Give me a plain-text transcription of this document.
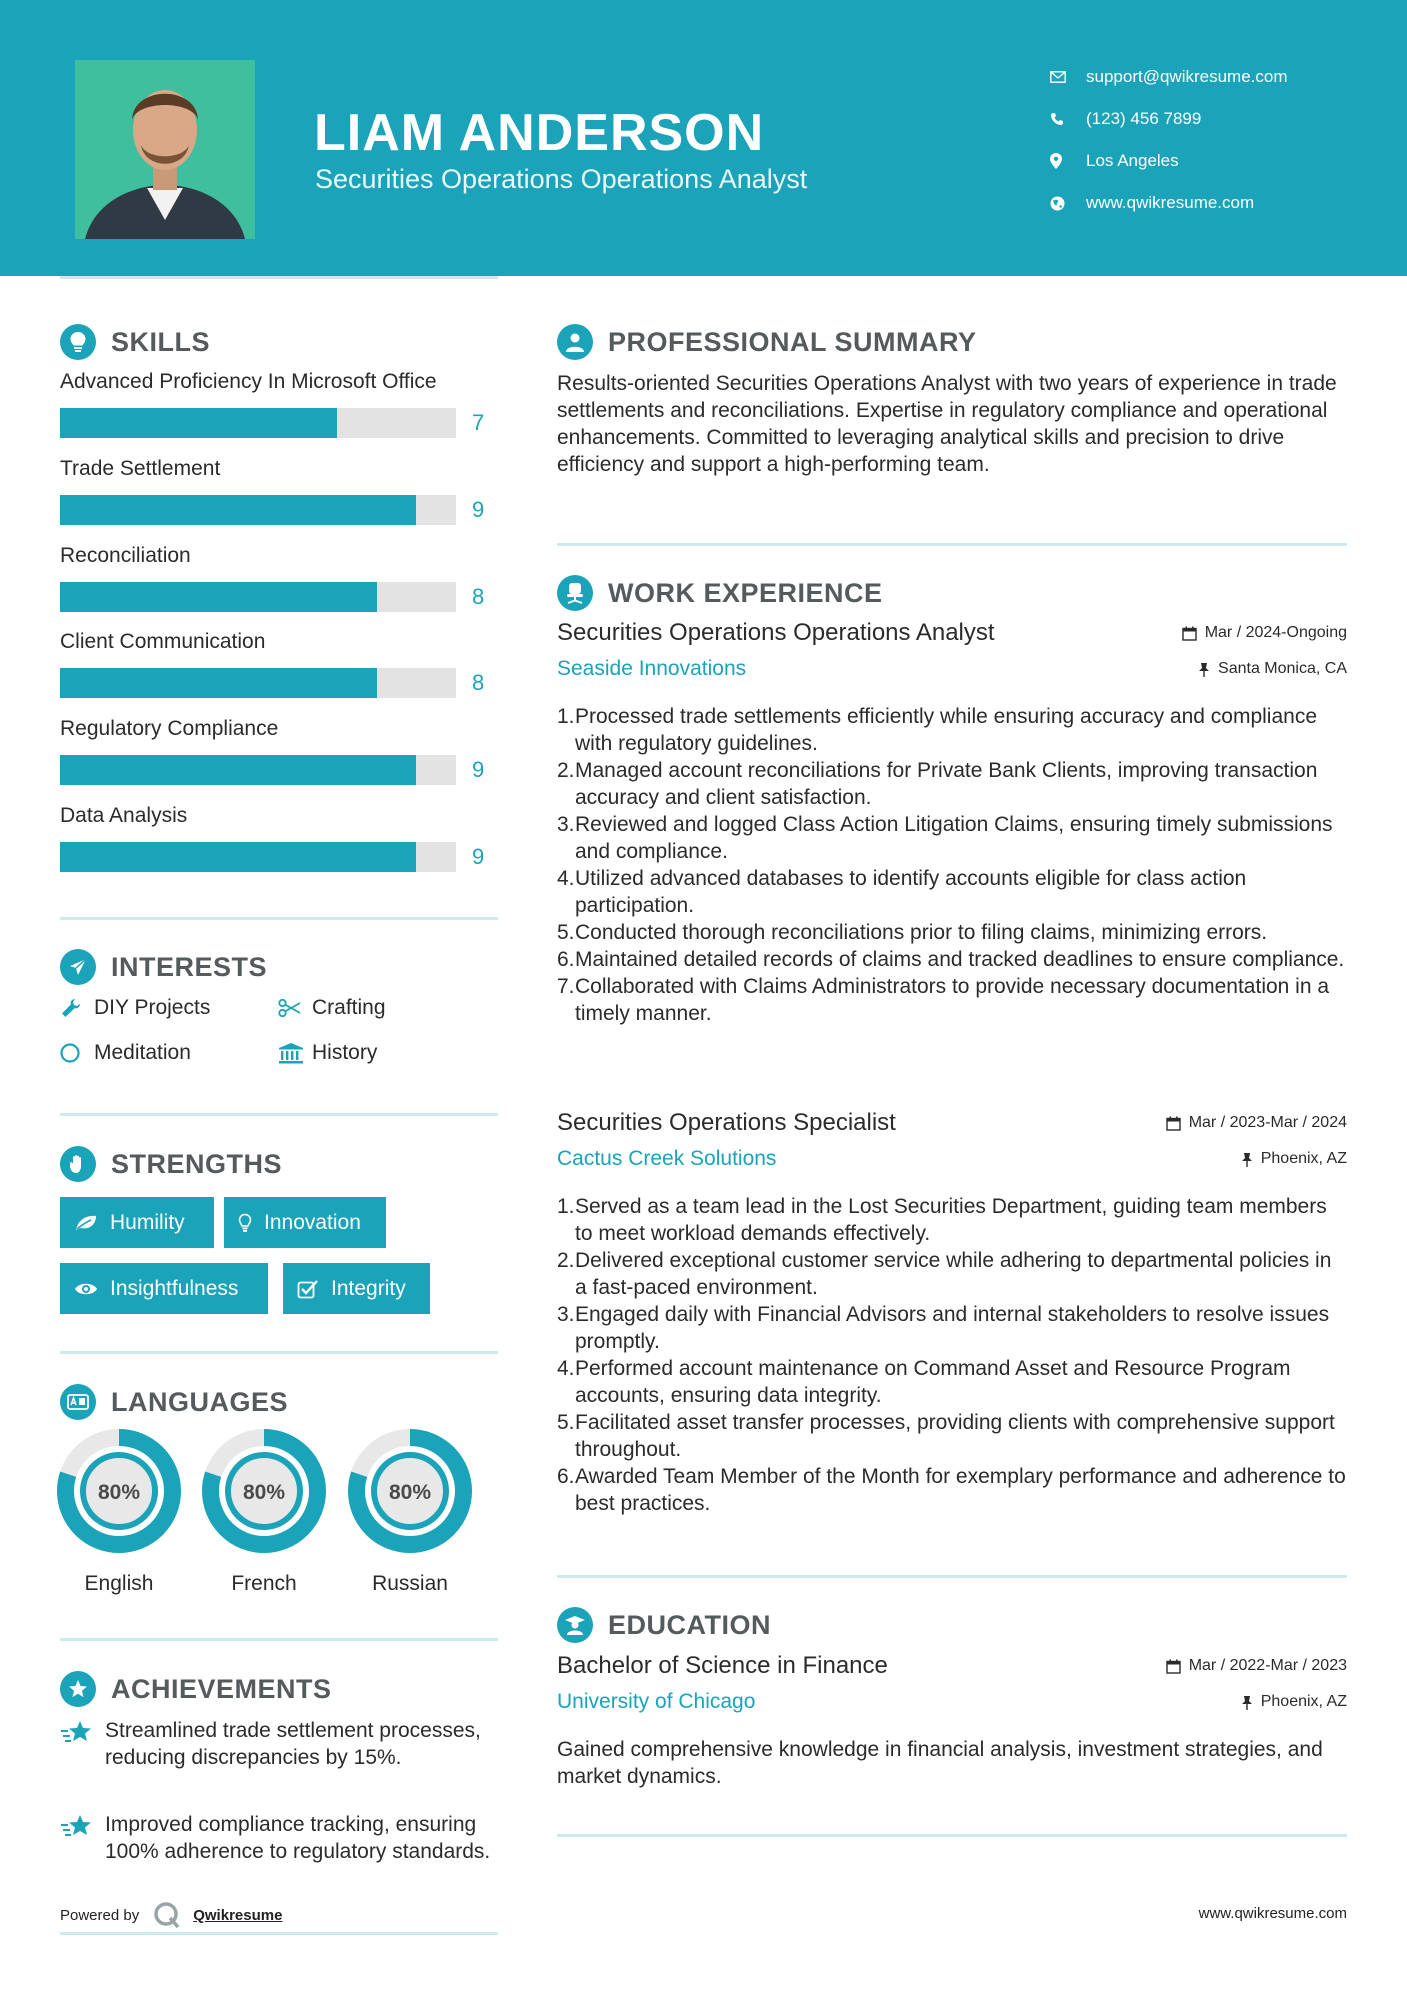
LIAM ANDERSON
Securities Operations Operations Analyst
support@qwikresume.com
(123) 456 7899
Los Angeles
www.qwikresume.com
SKILLS
Advanced Proficiency In Microsoft Office
7
Trade Settlement
9
Reconciliation
8
Client Communication
8
Regulatory Compliance
9
Data Analysis
9
INTERESTS
DIY Projects	Crafting
Meditation	History
STRENGTHS
Humility	Innovation
Insightfulness	Integrity
LANGUAGES
80%
English
80%
French
80%
Russian
ACHIEVEMENTS
Streamlined trade settlement processes, reducing discrepancies by 15%.
Improved compliance tracking, ensuring 100% adherence to regulatory standards.
Powered by	Qwikresume	www.qwikresume.com
PROFESSIONAL SUMMARY
Results-oriented Securities Operations Analyst with two years of experience in trade settlements and reconciliations. Expertise in regulatory compliance and operational enhancements. Committed to leveraging analytical skills and precision to drive efficiency and support a high-performing team.
WORK EXPERIENCE
Securities Operations Operations Analyst	Mar / 2024-Ongoing
Seaside Innovations	Santa Monica, CA
1. Processed trade settlements efficiently while ensuring accuracy and compliance with regulatory guidelines.
2. Managed account reconciliations for Private Bank Clients, improving transaction accuracy and client satisfaction.
3. Reviewed and logged Class Action Litigation Claims, ensuring timely submissions and compliance.
4. Utilized advanced databases to identify accounts eligible for class action participation.
5. Conducted thorough reconciliations prior to filing claims, minimizing errors.
6. Maintained detailed records of claims and tracked deadlines to ensure compliance.
7. Collaborated with Claims Administrators to provide necessary documentation in a timely manner.
Securities Operations Specialist	Mar / 2023-Mar / 2024
Cactus Creek Solutions	Phoenix, AZ
1. Served as a team lead in the Lost Securities Department, guiding team members to meet workload demands effectively.
2. Delivered exceptional customer service while adhering to departmental policies in a fast-paced environment.
3. Engaged daily with Financial Advisors and internal stakeholders to resolve issues promptly.
4. Performed account maintenance on Command Asset and Resource Program accounts, ensuring data integrity.
5. Facilitated asset transfer processes, providing clients with comprehensive support throughout.
6. Awarded Team Member of the Month for exemplary performance and adherence to best practices.
EDUCATION
Bachelor of Science in Finance	Mar / 2022-Mar / 2023
University of Chicago	Phoenix, AZ
Gained comprehensive knowledge in financial analysis, investment strategies, and market dynamics.
